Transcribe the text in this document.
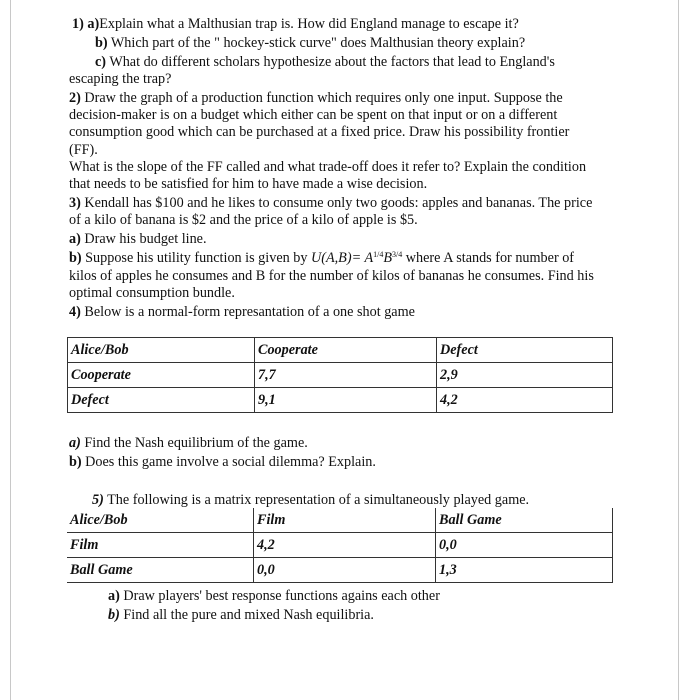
1) a)Explain what a Malthusian trap is. How did England manage to escape it?
b) Which part of the " hockey-stick curve" does Malthusian theory explain?
c) What do different scholars hypothesize about the factors that lead to England's
escaping the trap?
2) Draw the graph of a production function which requires only one input. Suppose the
decision-maker is on a budget which either can be spent on that input or on a different
consumption good which can be purchased at a fixed price. Draw his possibility frontier
(FF).
What is the slope of the FF called and what trade-off does it refer to? Explain the condition
that needs to be satisfied for him to have made a wise decision.
3) Kendall has $100 and he likes to consume only two goods: apples and bananas. The price
of a kilo of banana is $2 and the price of a kilo of apple is $5.
a) Draw his budget line.
b) Suppose his utility function is given by $U(A,B)= A^{1/4}B^{3/4}$ where A stands for number of
kilos of apples he consumes and B for the number of kilos of bananas he consumes. Find his
optimal consumption bundle.
4) Below is a normal-form represantation of a one shot game
Alice/Bob	Cooperate	Defect
Cooperate	7,7	2,9
Defect	9,1	4,2
a) Find the Nash equilibrium of the game.
b) Does this game involve a social dilemma? Explain.
5) The following is a matrix representation of a simultaneously played game.
Alice/Bob	Film	Ball Game
Film	4,2	0,0
Ball Game	0,0	1,3
a) Draw players' best response functions agains each other
b) Find all the pure and mixed Nash equilibria.
